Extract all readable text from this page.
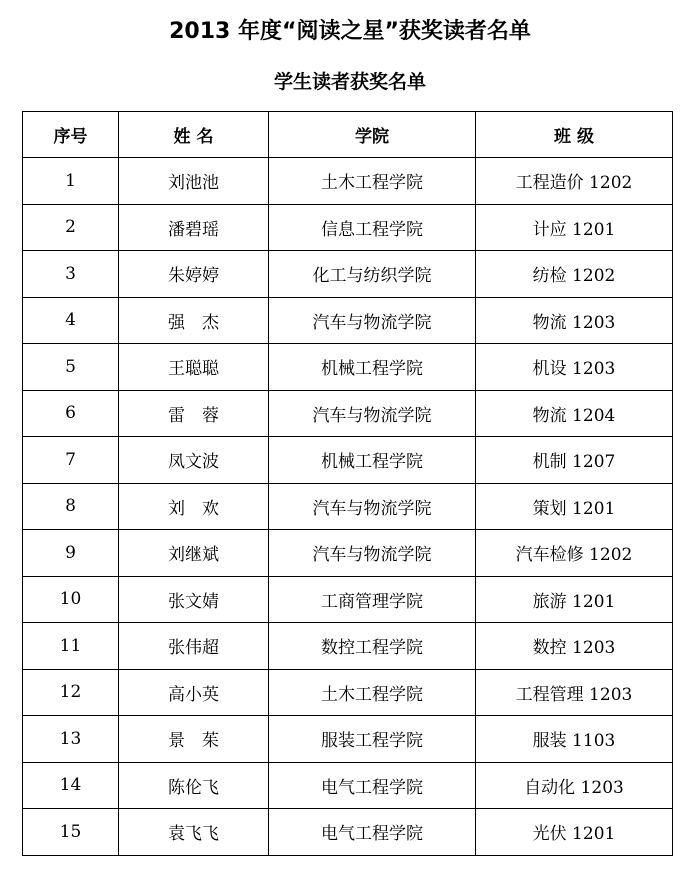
2013 年度“阅读之星”获奖读者名单
学生读者获奖名单
序号	姓 名	学院	班 级
1	刘池池	土木工程学院	工程造价 1202
2	潘碧瑶	信息工程学院	计应 1201
3	朱婷婷	化工与纺织学院	纺检 1202
4	强　杰	汽车与物流学院	物流 1203
5	王聪聪	机械工程学院	机设 1203
6	雷　蓉	汽车与物流学院	物流 1204
7	凤文波	机械工程学院	机制 1207
8	刘　欢	汽车与物流学院	策划 1201
9	刘继斌	汽车与物流学院	汽车检修 1202
10	张文婧	工商管理学院	旅游 1201
11	张伟超	数控工程学院	数控 1203
12	高小英	土木工程学院	工程管理 1203
13	景　茱	服装工程学院	服装 1103
14	陈伦飞	电气工程学院	自动化 1203
15	袁飞飞	电气工程学院	光伏 1201
